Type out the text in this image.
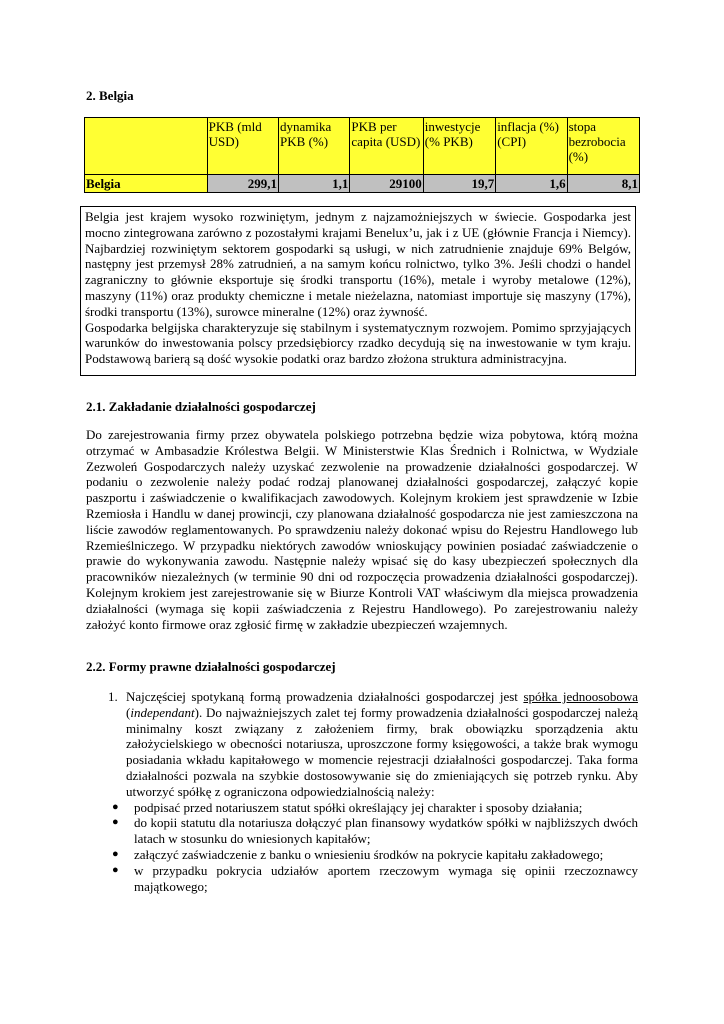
2. Belgia

	PKB (mld USD)	dynamika PKB (%)	PKB per capita (USD)	inwestycje (% PKB)	inflacja (%) (CPI)	stopa bezrobocia (%)
Belgia	299,1	1,1	29100	19,7	1,6	8,1

Belgia jest krajem wysoko rozwiniętym, jednym z najzamożniejszych w świecie. Gospodarka jest mocno zintegrowana zarówno z pozostałymi krajami Benelux’u, jak i z UE (głównie Francja i Niemcy). Najbardziej rozwiniętym sektorem gospodarki są usługi, w nich zatrudnienie znajduje 69% Belgów, następny jest przemysł 28% zatrudnień, a na samym końcu rolnictwo, tylko 3%. Jeśli chodzi o handel zagraniczny to głównie eksportuje się środki transportu (16%), metale i wyroby metalowe (12%), maszyny (11%) oraz produkty chemiczne i metale nieżelazna, natomiast importuje się maszyny (17%), środki transportu (13%), surowce mineralne (12%) oraz żywność.

Gospodarka belgijska charakteryzuje się stabilnym i systematycznym rozwojem. Pomimo sprzyjających warunków do inwestowania polscy przedsiębiorcy rzadko decydują się na inwestowanie w tym kraju. Podstawową barierą są dość wysokie podatki oraz bardzo złożona struktura administracyjna.

2.1. Zakładanie działalności gospodarczej

Do zarejestrowania firmy przez obywatela polskiego potrzebna będzie wiza pobytowa, którą można otrzymać w Ambasadzie Królestwa Belgii. W Ministerstwie Klas Średnich i Rolnictwa, w Wydziale Zezwoleń Gospodarczych należy uzyskać zezwolenie na prowadzenie działalności gospodarczej. W podaniu o zezwolenie należy podać rodzaj planowanej działalności gospodarczej, załączyć kopie paszportu i zaświadczenie o kwalifikacjach zawodowych. Kolejnym krokiem jest sprawdzenie w Izbie Rzemiosła i Handlu w danej prowincji, czy planowana działalność gospodarcza nie jest zamieszczona na liście zawodów reglamentowanych. Po sprawdzeniu należy dokonać wpisu do Rejestru Handlowego lub Rzemieślniczego. W przypadku niektórych zawodów wnioskujący powinien posiadać zaświadczenie o prawie do wykonywania zawodu. Następnie należy wpisać się do kasy ubezpieczeń społecznych dla pracowników niezależnych (w terminie 90 dni od rozpoczęcia prowadzenia działalności gospodarczej). Kolejnym krokiem jest zarejestrowanie się w Biurze Kontroli VAT właściwym dla miejsca prowadzenia działalności (wymaga się kopii zaświadczenia z Rejestru Handlowego). Po zarejestrowaniu należy założyć konto firmowe oraz zgłosić firmę w zakładzie ubezpieczeń wzajemnych.

2.2. Formy prawne działalności gospodarczej

1. Najczęściej spotykaną formą prowadzenia działalności gospodarczej jest spółka jednoosobowa (independant). Do najważniejszych zalet tej formy prowadzenia działalności gospodarczej należą minimalny koszt związany z założeniem firmy, brak obowiązku sporządzenia aktu założycielskiego w obecności notariusza, uproszczone formy księgowości, a także brak wymogu posiadania wkładu kapitałowego w momencie rejestracji działalności gospodarczej. Taka forma działalności pozwala na szybkie dostosowywanie się do zmieniających się potrzeb rynku. Aby utworzyć spółkę z ograniczona odpowiedzialnością należy:
● podpisać przed notariuszem statut spółki określający jej charakter i sposoby działania;
● do kopii statutu dla notariusza dołączyć plan finansowy wydatków spółki w najbliższych dwóch latach w stosunku do wniesionych kapitałów;
● załączyć zaświadczenie z banku o wniesieniu środków na pokrycie kapitału zakładowego;
● w przypadku pokrycia udziałów aportem rzeczowym wymaga się opinii rzeczoznawcy majątkowego;
